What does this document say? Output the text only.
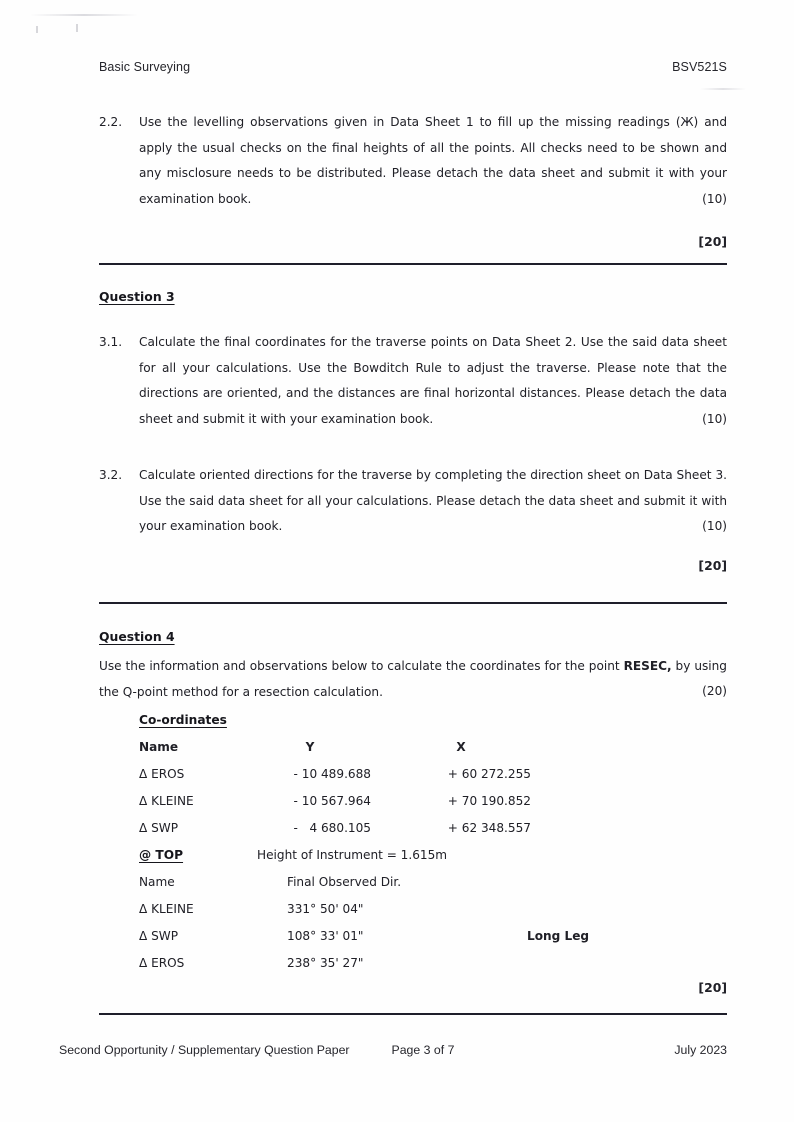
Basic Surveying	BSV521S
2.2.	Use the levelling observations given in Data Sheet 1 to fill up the missing readings (Ж) and apply the usual checks on the final heights of all the points. All checks need to be shown and any misclosure needs to be distributed. Please detach the data sheet and submit it with your examination book.	(10)
[20]
Question 3
3.1.	Calculate the final coordinates for the traverse points on Data Sheet 2. Use the said data sheet for all your calculations. Use the Bowditch Rule to adjust the traverse. Please note that the directions are oriented, and the distances are final horizontal distances. Please detach the data sheet and submit it with your examination book.	(10)
3.2.	Calculate oriented directions for the traverse by completing the direction sheet on Data Sheet 3. Use the said data sheet for all your calculations. Please detach the data sheet and submit it with your examination book.	(10)
[20]
Question 4
Use the information and observations below to calculate the coordinates for the point RESEC, by using the Q-point method for a resection calculation.	(20)
Co-ordinates
Name	Y	X
Δ EROS	- 10 489.688	+ 60 272.255
Δ KLEINE	- 10 567.964	+ 70 190.852
Δ SWP	-   4 680.105	+ 62 348.557
@ TOP	Height of Instrument = 1.615m
Name	Final Observed Dir.
Δ KLEINE	331° 50' 04"
Δ SWP	108° 33' 01"	Long Leg
Δ EROS	238° 35' 27"
[20]
Second Opportunity / Supplementary Question Paper	Page 3 of 7	July 2023
